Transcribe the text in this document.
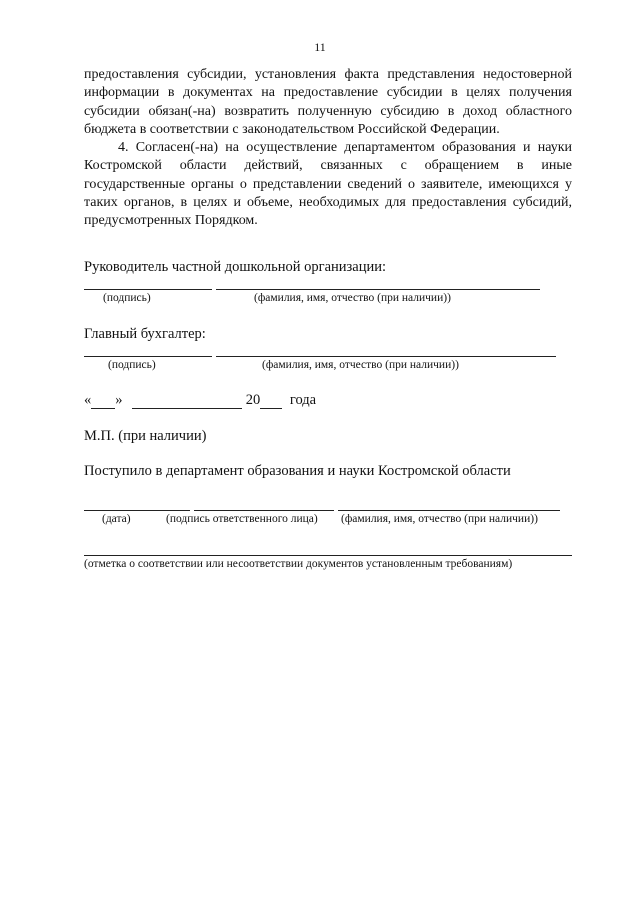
11

предоставления субсидии, установления факта представления недостоверной информации в документах на предоставление субсидии в целях получения субсидии обязан(-на) возвратить полученную субсидию в доход областного бюджета в соответствии с законодательством Российской Федерации.

4. Согласен(-на) на осуществление департаментом образования и науки Костромской области действий, связанных с обращением в иные государственные органы о представлении сведений о заявителе, имеющихся у таких органов, в целях и объеме, необходимых для предоставления субсидий, предусмотренных Порядком.

Руководитель частной дошкольной организации:
(подпись)	(фамилия, имя, отчество (при наличии))
Главный бухгалтер:
(подпись)	(фамилия, имя, отчество (при наличии))
« »	20 года
М.П. (при наличии)
Поступило в департамент образования и науки Костромской области
(дата)	(подпись ответственного лица) (фамилия, имя, отчество (при наличии))
(отметка о соответствии или несоответствии документов установленным требованиям)
